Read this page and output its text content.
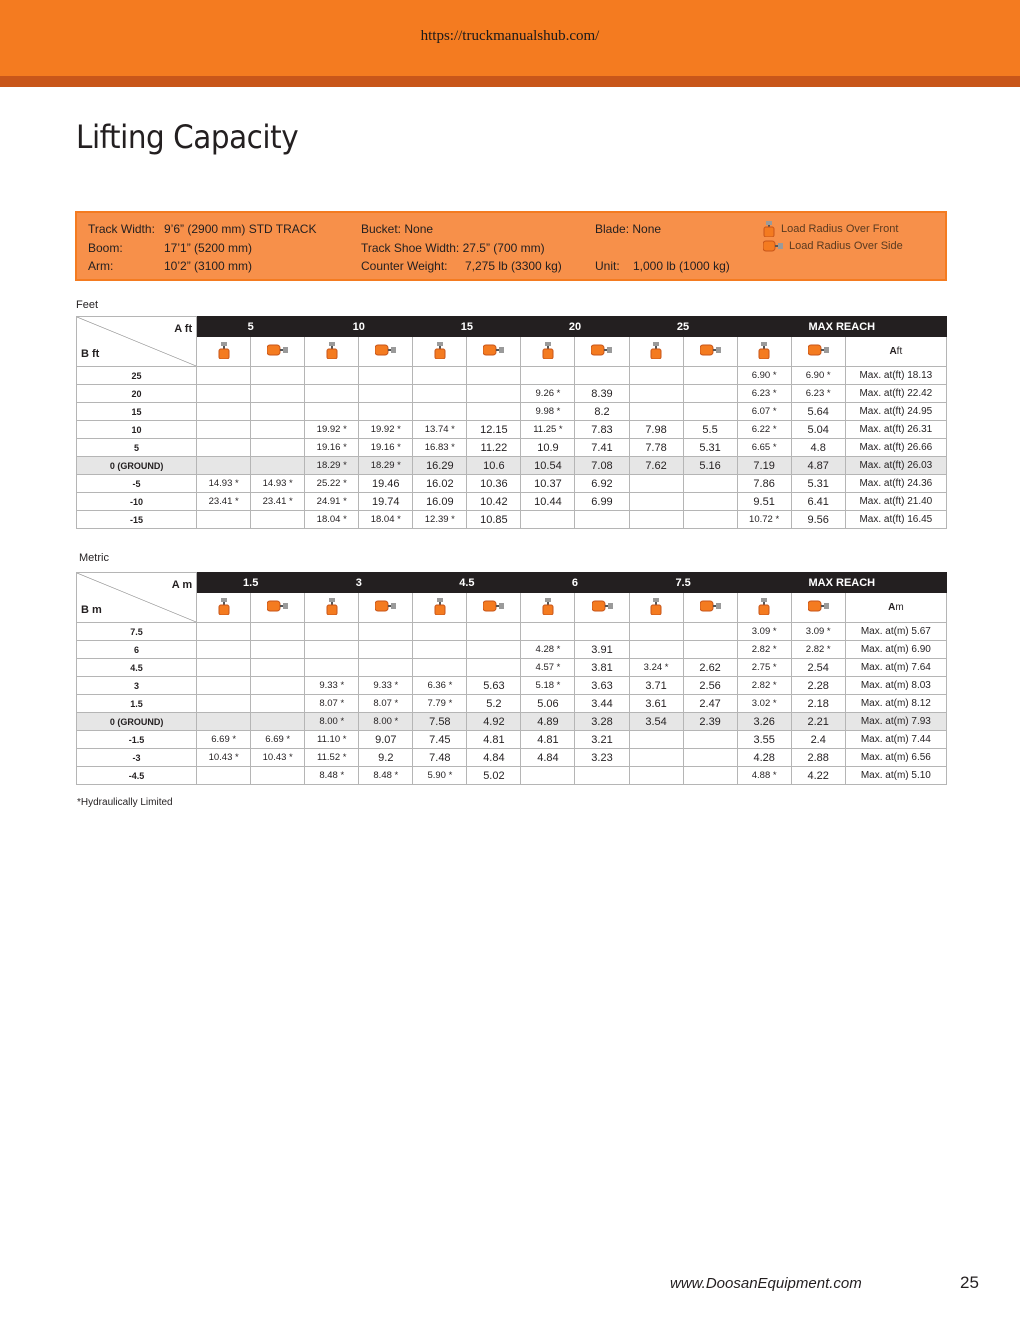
https://truckmanualshub.com/
Lifting Capacity
Track Width: 9’6” (2900 mm) STD TRACK
Boom:	17’1” (5200 mm)
Arm:	10’2” (3100 mm)
Bucket: None
Track Shoe Width: 27.5” (700 mm)
Counter Weight: 7,275 lb (3300 kg)
Blade: None
Unit: 1,000 lb (1000 kg)
Load Radius Over Front
Load Radius Over Side
Feet
A ft
B ft	5		10		15		20		25		MAX REACH		
												Aft
25											6.90 *	6.90 *	Max. at(ft) 18.13
20							9.26 *	8.39			6.23 *	6.23 *	Max. at(ft) 22.42
15							9.98 *	8.2			6.07 *	5.64	Max. at(ft) 24.95
10			19.92 *	19.92 *	13.74 *	12.15	11.25 *	7.83	7.98	5.5	6.22 *	5.04	Max. at(ft) 26.31
5			19.16 *	19.16 *	16.83 *	11.22	10.9	7.41	7.78	5.31	6.65 *	4.8	Max. at(ft) 26.66
0 (GROUND)			18.29 *	18.29 *	16.29	10.6	10.54	7.08	7.62	5.16	7.19	4.87	Max. at(ft) 26.03
-5	14.93 *	14.93 *	25.22 *	19.46	16.02	10.36	10.37	6.92			7.86	5.31	Max. at(ft) 24.36
-10	23.41 *	23.41 *	24.91 *	19.74	16.09	10.42	10.44	6.99			9.51	6.41	Max. at(ft) 21.40
-15			18.04 *	18.04 *	12.39 *	10.85					10.72 *	9.56	Max. at(ft) 16.45
Metric
A m
B m	1.5		3		4.5		6		7.5		MAX REACH		
												Am
7.5											3.09 *	3.09 *	Max. at(m) 5.67
6							4.28 *	3.91			2.82 *	2.82 *	Max. at(m) 6.90
4.5							4.57 *	3.81	3.24 *	2.62	2.75 *	2.54	Max. at(m) 7.64
3			9.33 *	9.33 *	6.36 *	5.63	5.18 *	3.63	3.71	2.56	2.82 *	2.28	Max. at(m) 8.03
1.5			8.07 *	8.07 *	7.79 *	5.2	5.06	3.44	3.61	2.47	3.02 *	2.18	Max. at(m) 8.12
0 (GROUND)			8.00 *	8.00 *	7.58	4.92	4.89	3.28	3.54	2.39	3.26	2.21	Max. at(m) 7.93
-1.5	6.69 *	6.69 *	11.10 *	9.07	7.45	4.81	4.81	3.21			3.55	2.4	Max. at(m) 7.44
-3	10.43 *	10.43 *	11.52 *	9.2	7.48	4.84	4.84	3.23			4.28	2.88	Max. at(m) 6.56
-4.5			8.48 *	8.48 *	5.90 *	5.02					4.88 *	4.22	Max. at(m) 5.10
*Hydraulically Limited
www.DoosanEquipment.com	25
